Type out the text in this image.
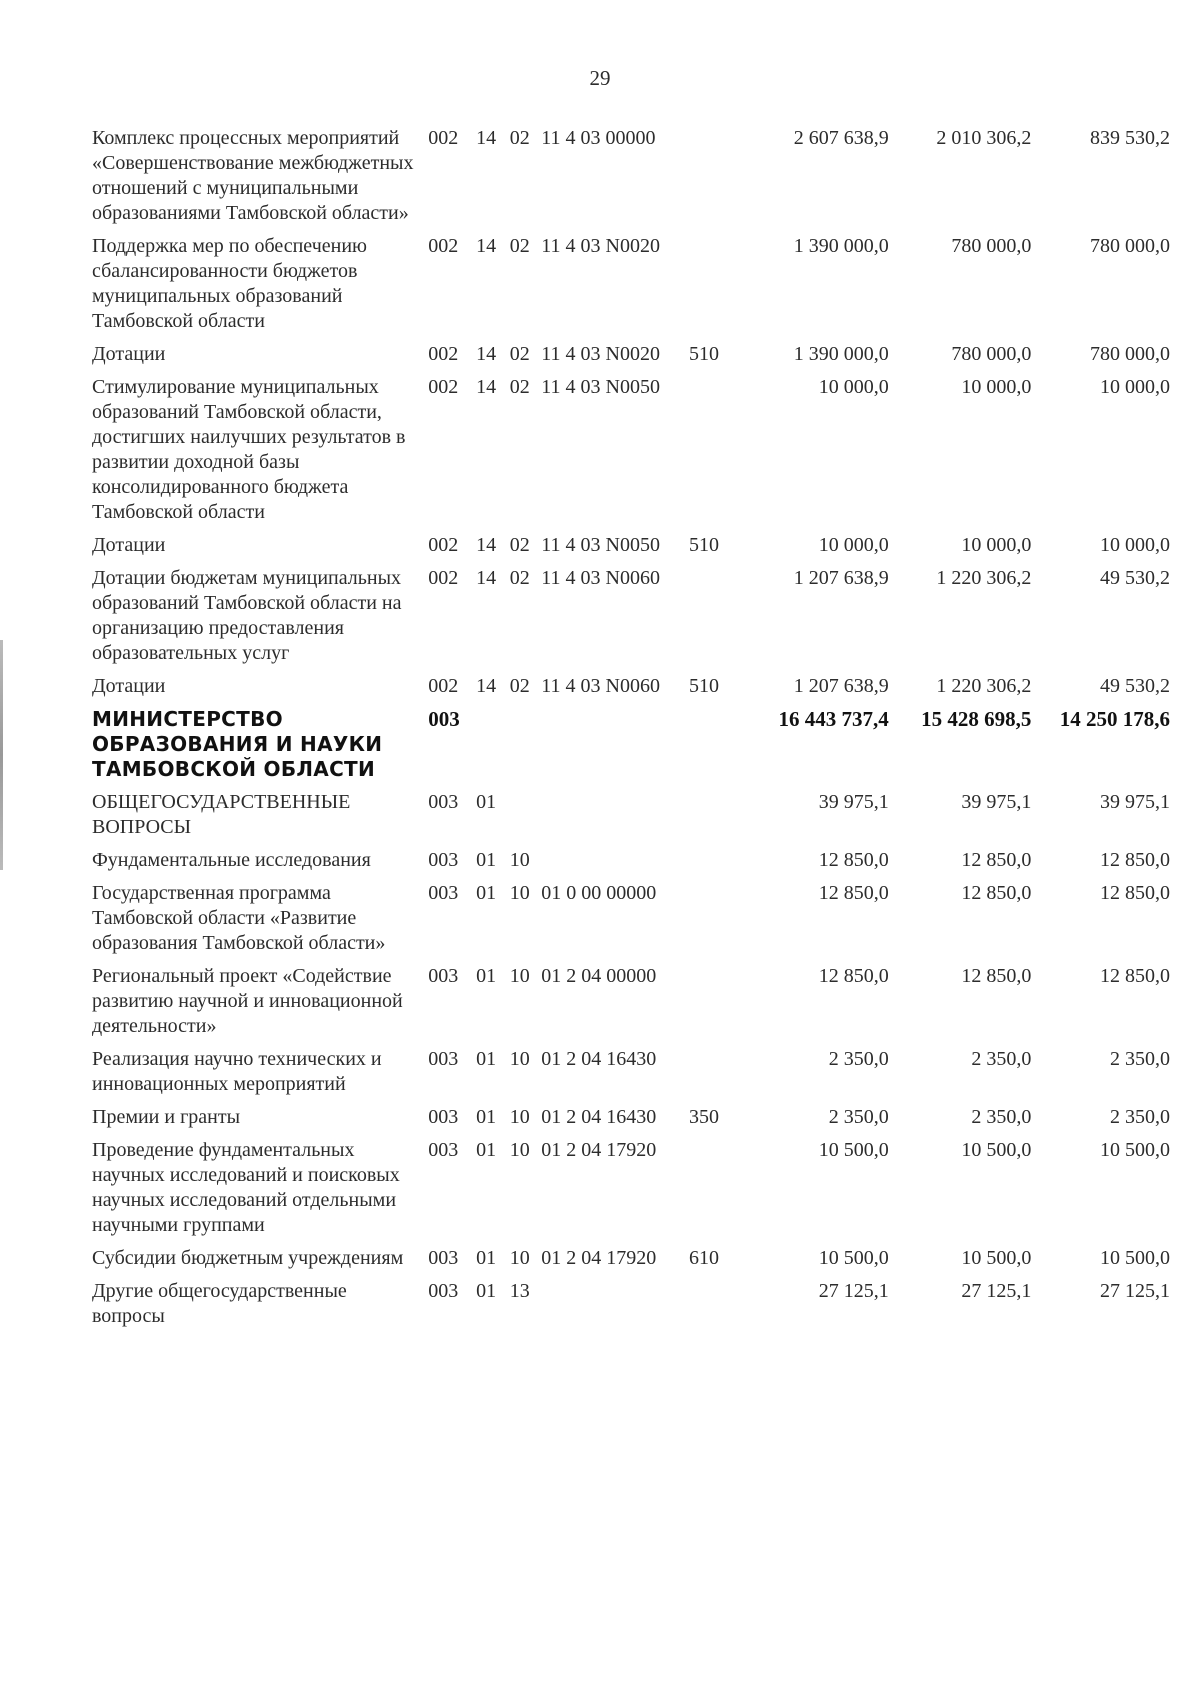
29
Комплекс процессных мероприятий «Совершенствование межбюджетных отношений с муниципальными образованиями Тамбовской области»	002	14	02	11 4 03 00000		2 607 638,9	2 010 306,2	839 530,2
Поддержка мер по обеспечению сбалансированности бюджетов муниципальных образований Тамбовской области	002	14	02	11 4 03 N0020		1 390 000,0	780 000,0	780 000,0
Дотации	002	14	02	11 4 03 N0020	510	1 390 000,0	780 000,0	780 000,0
Стимулирование муниципальных образований Тамбовской области, достигших наилучших результатов в развитии доходной базы консолидированного бюджета Тамбовской области	002	14	02	11 4 03 N0050		10 000,0	10 000,0	10 000,0
Дотации	002	14	02	11 4 03 N0050	510	10 000,0	10 000,0	10 000,0
Дотации бюджетам муниципальных образований Тамбовской области на организацию предоставления образовательных услуг	002	14	02	11 4 03 N0060		1 207 638,9	1 220 306,2	49 530,2
Дотации	002	14	02	11 4 03 N0060	510	1 207 638,9	1 220 306,2	49 530,2
МИНИСТЕРСТВО ОБРАЗОВАНИЯ И НАУКИ ТАМБОВСКОЙ ОБЛАСТИ	003					16 443 737,4	15 428 698,5	14 250 178,6
ОБЩЕГОСУДАРСТВЕННЫЕ ВОПРОСЫ	003	01				39 975,1	39 975,1	39 975,1
Фундаментальные исследования	003	01	10			12 850,0	12 850,0	12 850,0
Государственная программа Тамбовской области «Развитие образования Тамбовской области»	003	01	10	01 0 00 00000		12 850,0	12 850,0	12 850,0
Региональный проект «Содействие развитию научной и инновационной деятельности»	003	01	10	01 2 04 00000		12 850,0	12 850,0	12 850,0
Реализация научно технических и инновационных мероприятий	003	01	10	01 2 04 16430		2 350,0	2 350,0	2 350,0
Премии и гранты	003	01	10	01 2 04 16430	350	2 350,0	2 350,0	2 350,0
Проведение фундаментальных научных исследований и поисковых научных исследований отдельными научными группами	003	01	10	01 2 04 17920		10 500,0	10 500,0	10 500,0
Субсидии бюджетным учреждениям	003	01	10	01 2 04 17920	610	10 500,0	10 500,0	10 500,0
Другие общегосударственные вопросы	003	01	13			27 125,1	27 125,1	27 125,1
